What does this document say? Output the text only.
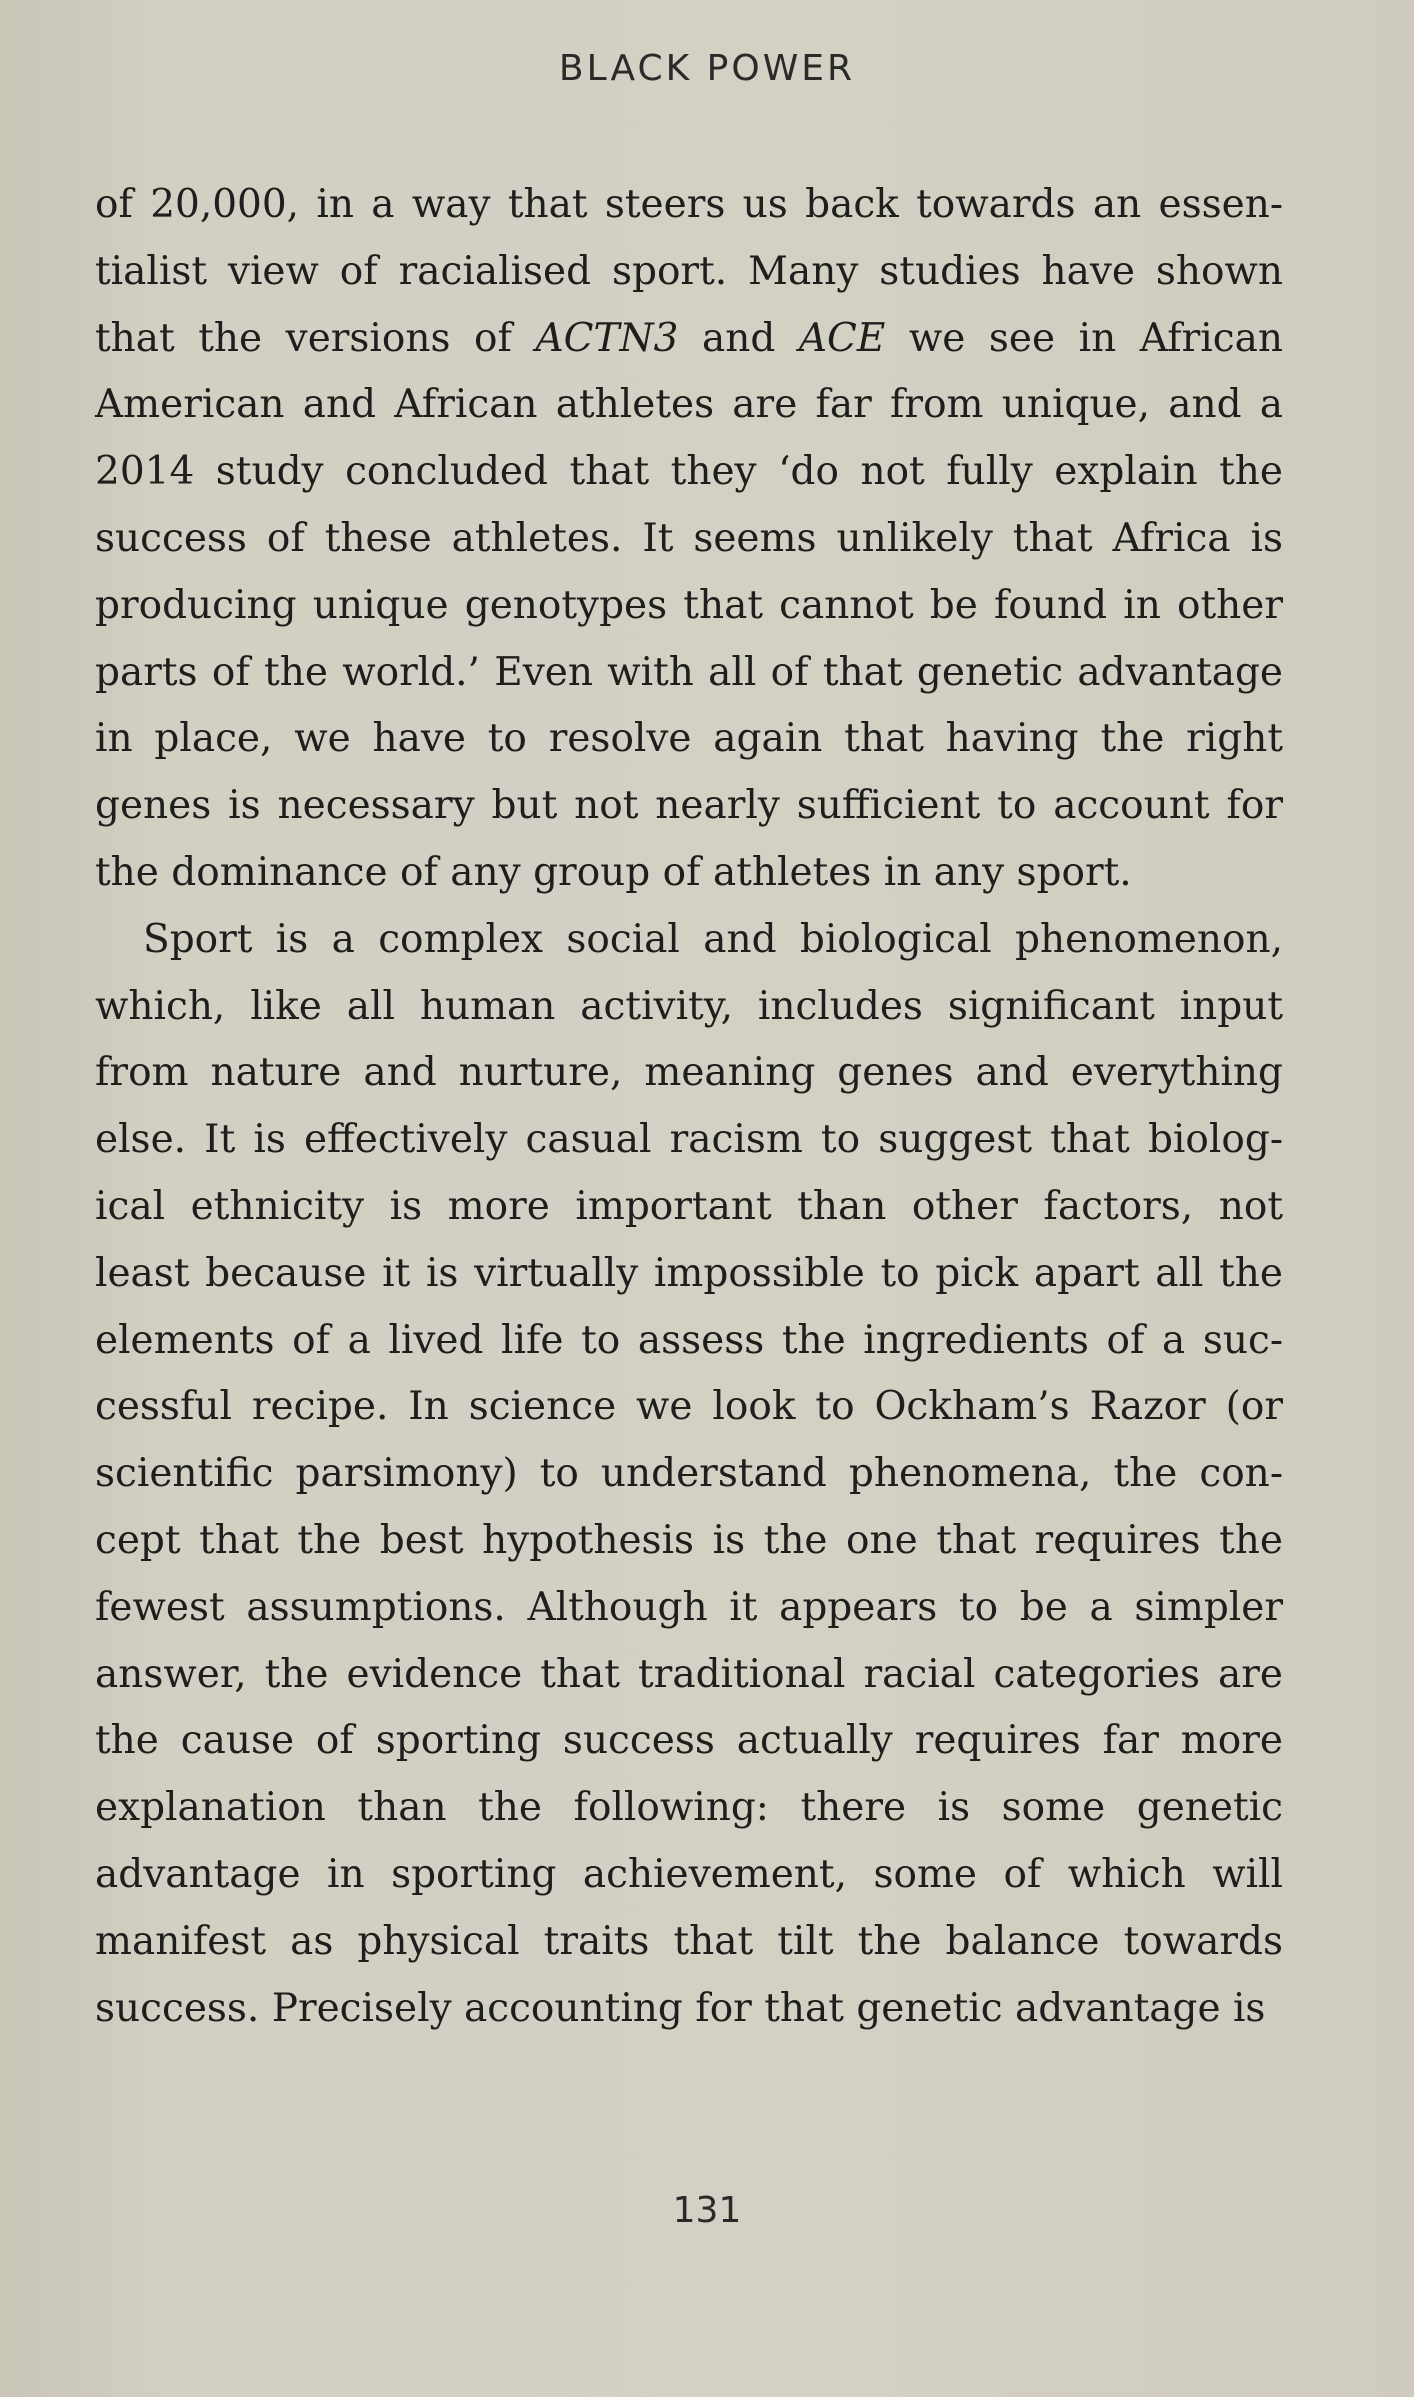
BLACK POWER

of 20,000, in a way that steers us back towards an essentialist view of racialised sport. Many studies have shown that the versions of ACTN3 and ACE we see in African American and African athletes are far from unique, and a 2014 study concluded that they ‘do not fully explain the success of these athletes. It seems unlikely that Africa is producing unique genotypes that cannot be found in other parts of the world.’ Even with all of that genetic advantage in place, we have to resolve again that having the right genes is necessary but not nearly sufficient to account for the dominance of any group of athletes in any sport.

Sport is a complex social and biological phenomenon, which, like all human activity, includes significant input from nature and nurture, meaning genes and everything else. It is effectively casual racism to suggest that biological ethnicity is more important than other factors, not least because it is virtually impossible to pick apart all the elements of a lived life to assess the ingredients of a successful recipe. In science we look to Ockham’s Razor (or scientific parsimony) to understand phenomena, the concept that the best hypothesis is the one that requires the fewest assumptions. Although it appears to be a simpler answer, the evidence that traditional racial categories are the cause of sporting success actually requires far more explanation than the following: there is some genetic advantage in sporting achievement, some of which will manifest as physical traits that tilt the balance towards success. Precisely accounting for that genetic advantage is

131
